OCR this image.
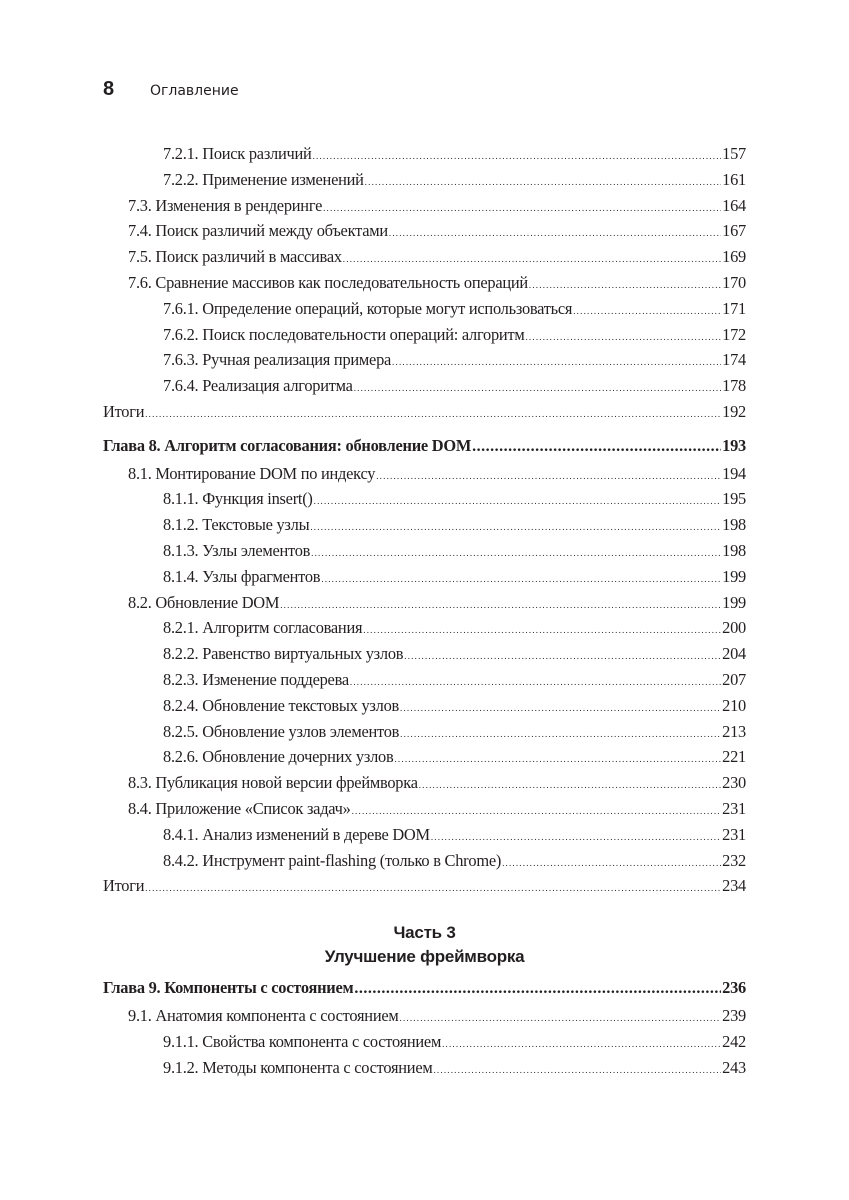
8	Оглавление
7.2.1. Поиск различий .....	157
7.2.2. Применение изменений .....	161
7.3. Изменения в рендеринге .....	164
7.4. Поиск различий между объектами .....	167
7.5. Поиск различий в массивах .....	169
7.6. Сравнение массивов как последовательность операций .....	170
7.6.1. Определение операций, которые могут использоваться .....	171
7.6.2. Поиск последовательности операций: алгоритм .....	172
7.6.3. Ручная реализация примера .....	174
7.6.4. Реализация алгоритма .....	178
Итоги .....	192
Глава 8. Алгоритм согласования: обновление DOM .....	193
8.1. Монтирование DOM по индексу .....	194
8.1.1. Функция insert() .....	195
8.1.2. Текстовые узлы .....	198
8.1.3. Узлы элементов .....	198
8.1.4. Узлы фрагментов .....	199
8.2. Обновление DOM .....	199
8.2.1. Алгоритм согласования .....	200
8.2.2. Равенство виртуальных узлов .....	204
8.2.3. Изменение поддерева .....	207
8.2.4. Обновление текстовых узлов .....	210
8.2.5. Обновление узлов элементов .....	213
8.2.6. Обновление дочерних узлов .....	221
8.3. Публикация новой версии фреймворка .....	230
8.4. Приложение «Список задач» .....	231
8.4.1. Анализ изменений в дереве DOM .....	231
8.4.2. Инструмент paint-flashing (только в Chrome) .....	232
Итоги .....	234
Часть 3
Улучшение фреймворка
Глава 9. Компоненты с состоянием .....	236
9.1. Анатомия компонента с состоянием .....	239
9.1.1. Свойства компонента с состоянием .....	242
9.1.2. Методы компонента с состоянием .....	243
